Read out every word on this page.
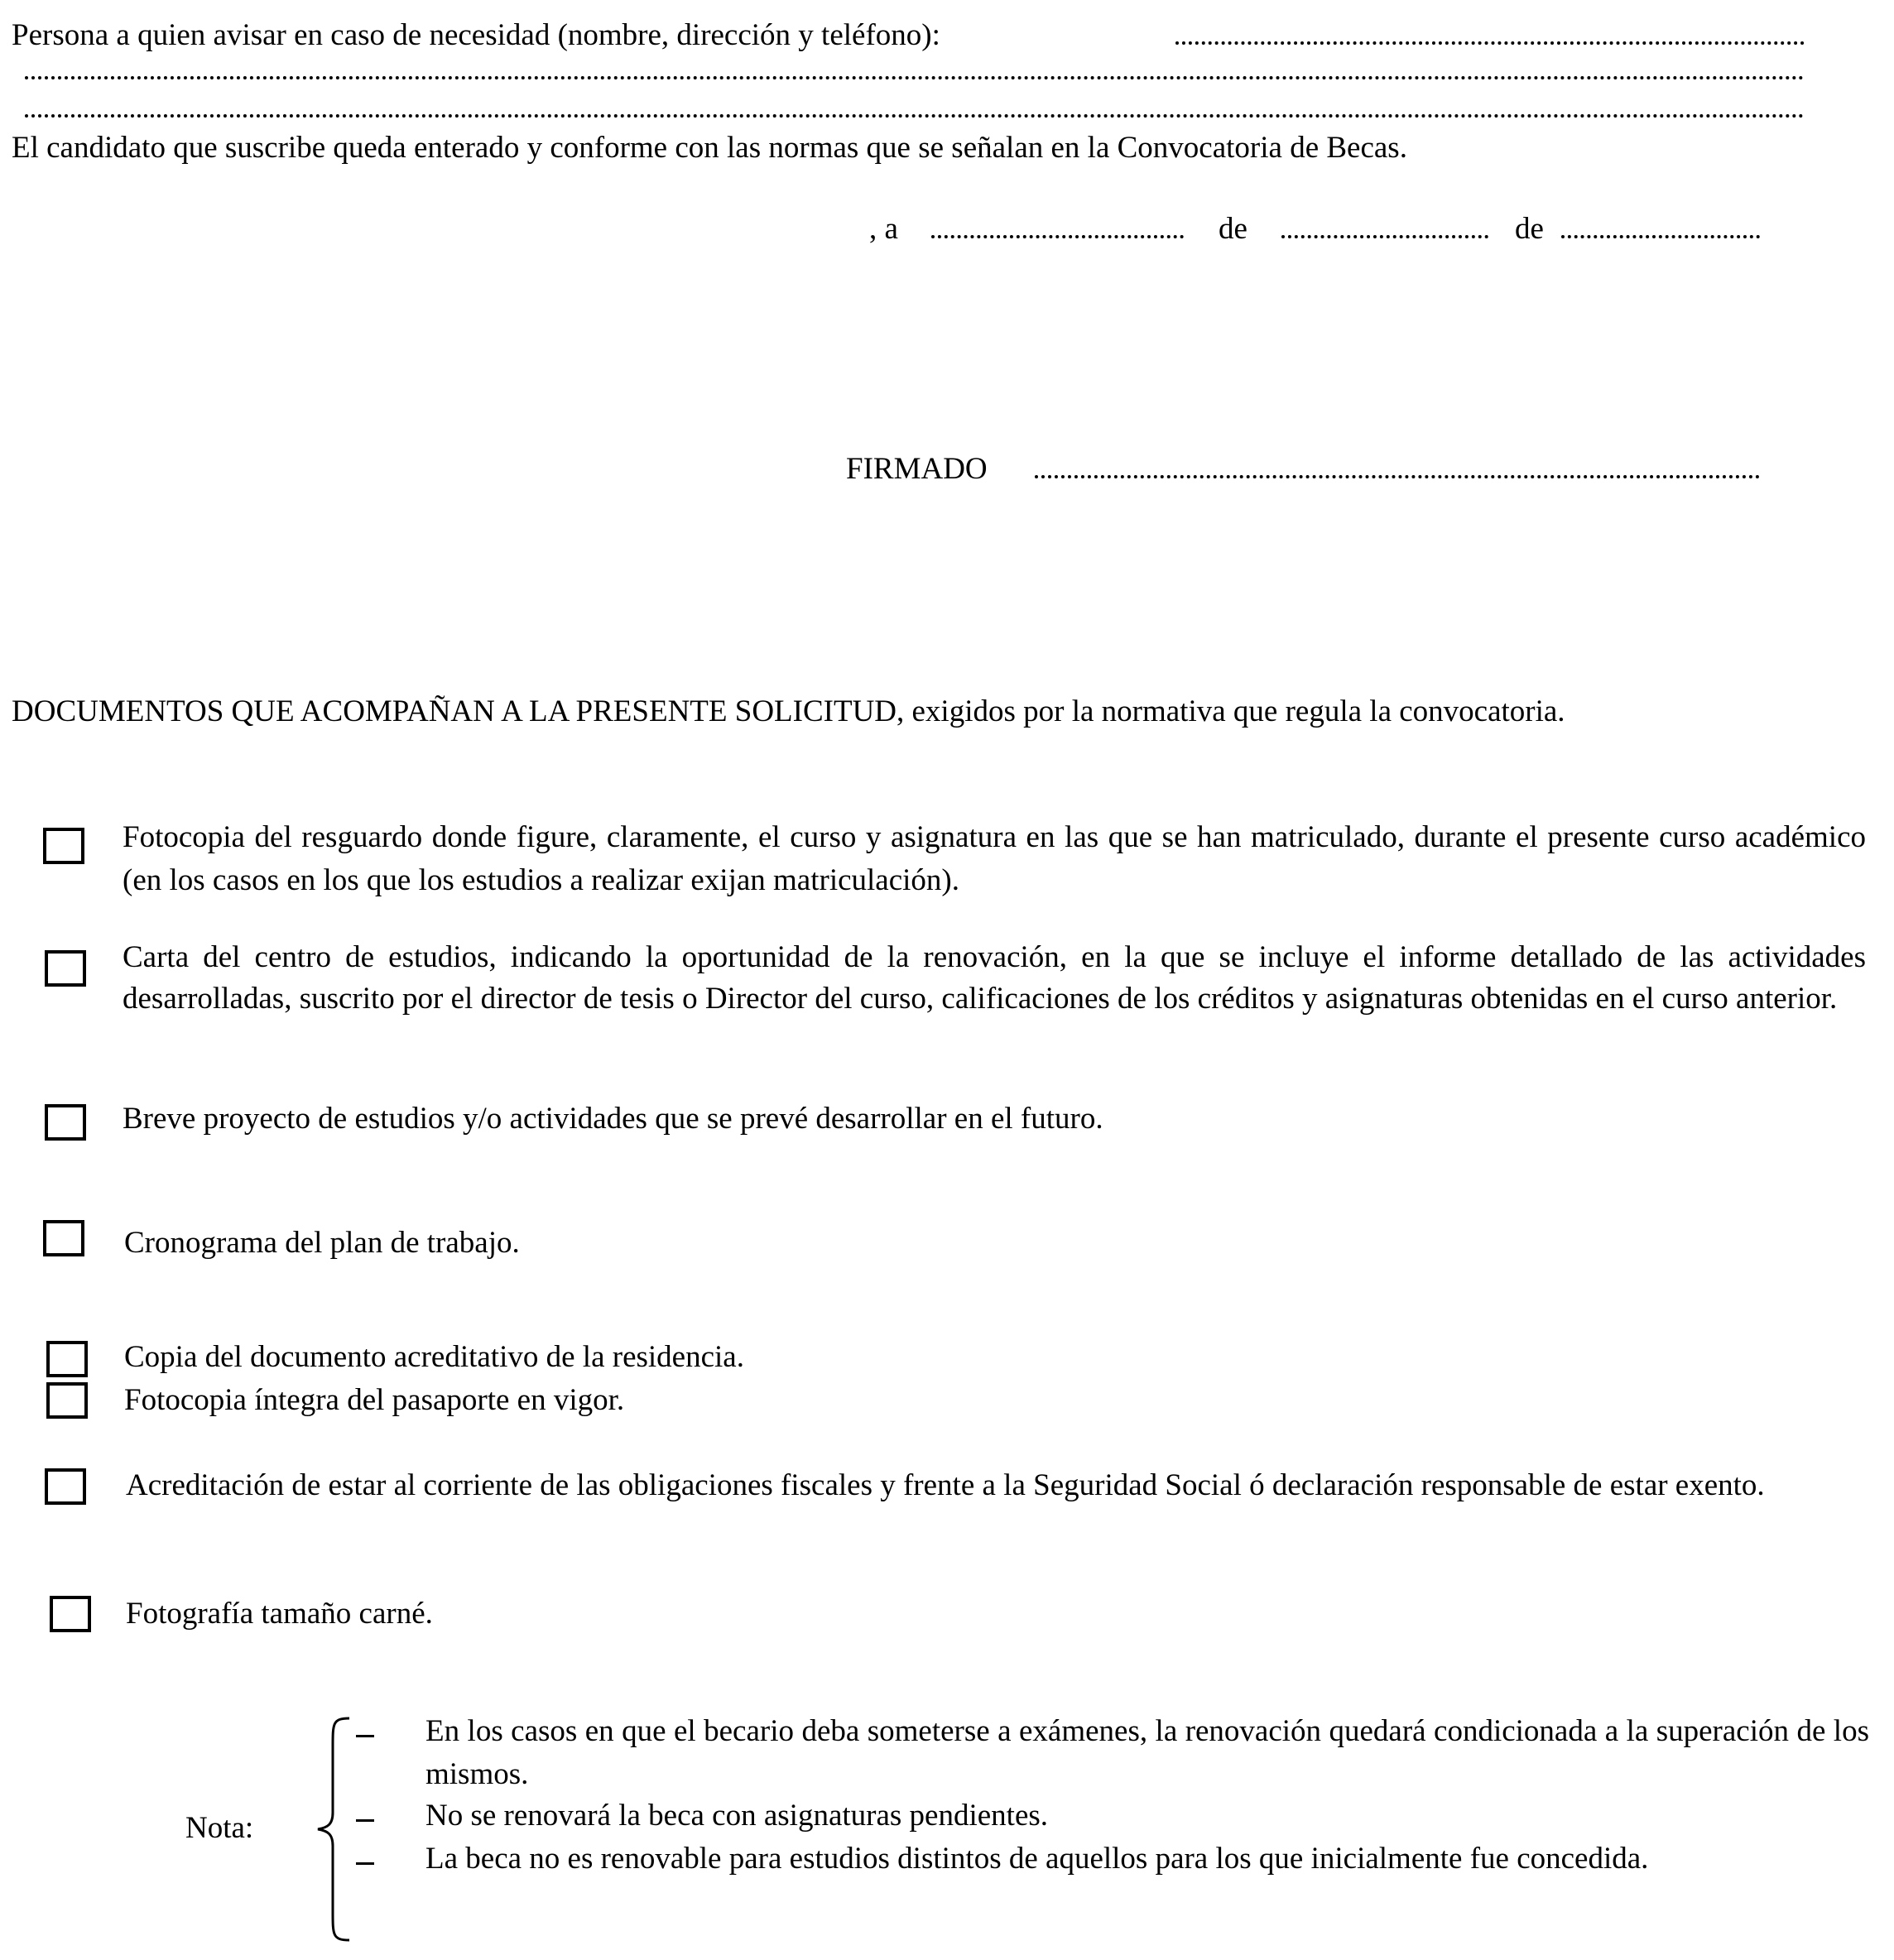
Persona a quien avisar en caso de necesidad (nombre, dirección y teléfono):
El candidato que suscribe queda enterado y conforme con las normas que se señalan en la Convocatoria de Becas.
, a	de	de
FIRMADO
DOCUMENTOS QUE ACOMPAÑAN A LA PRESENTE SOLICITUD, exigidos por la normativa que regula la convocatoria.
Fotocopia del resguardo donde figure, claramente, el curso y asignatura en las que se han matriculado, durante el presente curso académico (en los casos en los que los estudios a realizar exijan matriculación).
Carta del centro de estudios, indicando la oportunidad de la renovación, en la que se incluye el informe detallado de las actividades desarrolladas, suscrito por el director de tesis o Director del curso, calificaciones de los créditos y asignaturas obtenidas en el curso anterior.
Breve proyecto de estudios y/o actividades que se prevé desarrollar en el futuro.
Cronograma del plan de trabajo.
Copia del documento acreditativo de la residencia.
Fotocopia íntegra del pasaporte en vigor.
Acreditación de estar al corriente de las obligaciones fiscales y frente a la Seguridad Social ó declaración responsable de estar exento.
Fotografía tamaño carné.
Nota:
En los casos en que el becario deba someterse a exámenes, la renovación quedará condicionada a la superación de los mismos.
No se renovará la beca con asignaturas pendientes.
La beca no es renovable para estudios distintos de aquellos para los que inicialmente fue concedida.
